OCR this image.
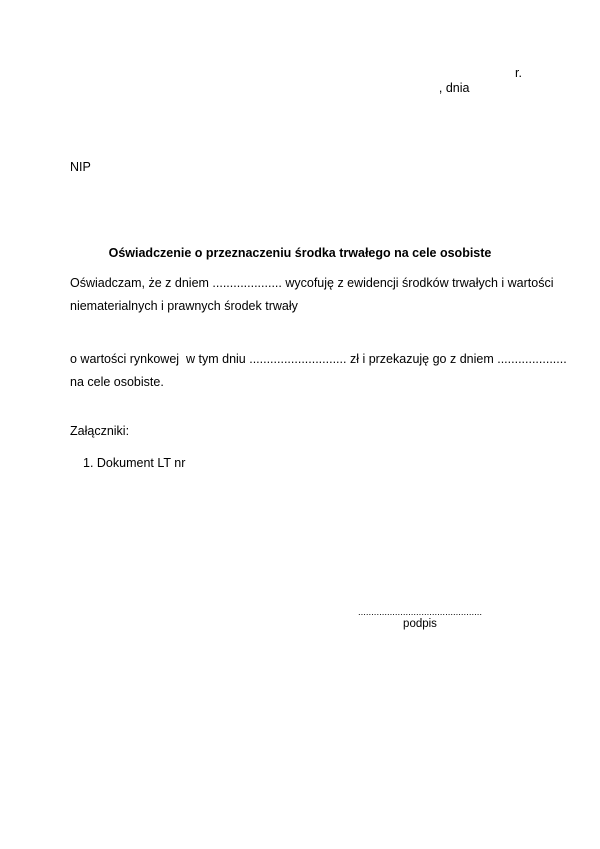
, dnia

r.

NIP
Oświadczenie o przeznaczeniu środka trwałego na cele osobiste
Oświadczam, że z dniem .................... wycofuję z ewidencji środków trwałych i wartości
niematerialnych i prawnych środek trwały
o wartości rynkowej  w tym dniu ............................ zł i przekazuję go z dniem ....................
na cele osobiste.
Załączniki:
1. Dokument LT nr
...............................................
podpis
